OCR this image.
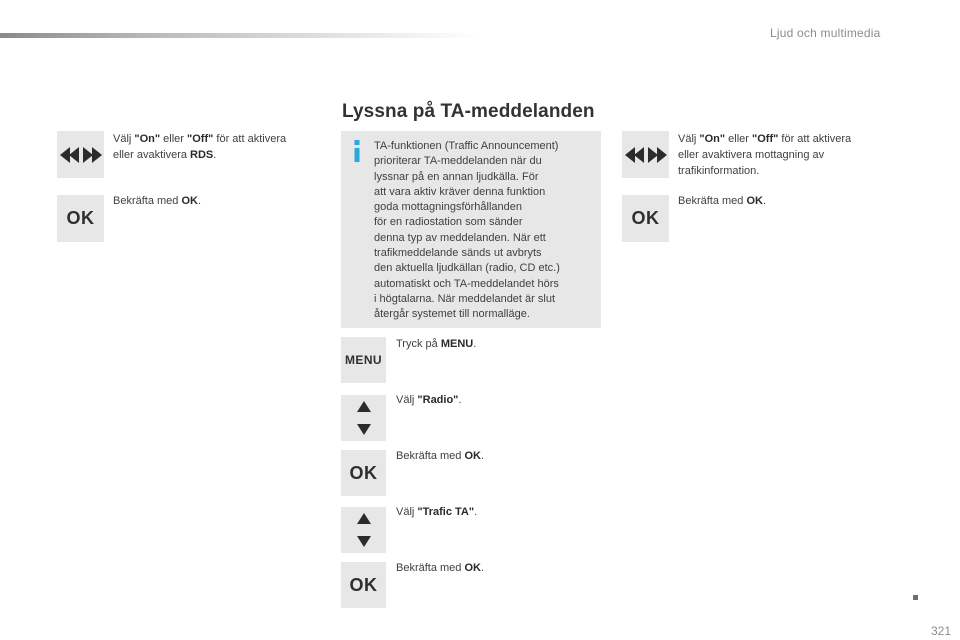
Ljud och multimedia
Lyssna på TA-meddelanden
Välj "On" eller "Off" för att aktivera
eller avaktivera RDS.
OK
Bekräfta med OK.
TA-funktionen (Traffic Announcement)
prioriterar TA-meddelanden när du
lyssnar på en annan ljudkälla. För
att vara aktiv kräver denna funktion
goda mottagningsförhållanden
för en radiostation som sänder
denna typ av meddelanden. När ett
trafikmeddelande sänds ut avbryts
den aktuella ljudkällan (radio, CD etc.)
automatiskt och TA-meddelandet hörs
i högtalarna. När meddelandet är slut
återgår systemet till normalläge.
MENU
Tryck på MENU.
Välj "Radio".
OK
Bekräfta med OK.
Välj "Trafic TA".
OK
Bekräfta med OK.
Välj "On" eller "Off" för att aktivera
eller avaktivera mottagning av
trafikinformation.
OK
Bekräfta med OK.
321
